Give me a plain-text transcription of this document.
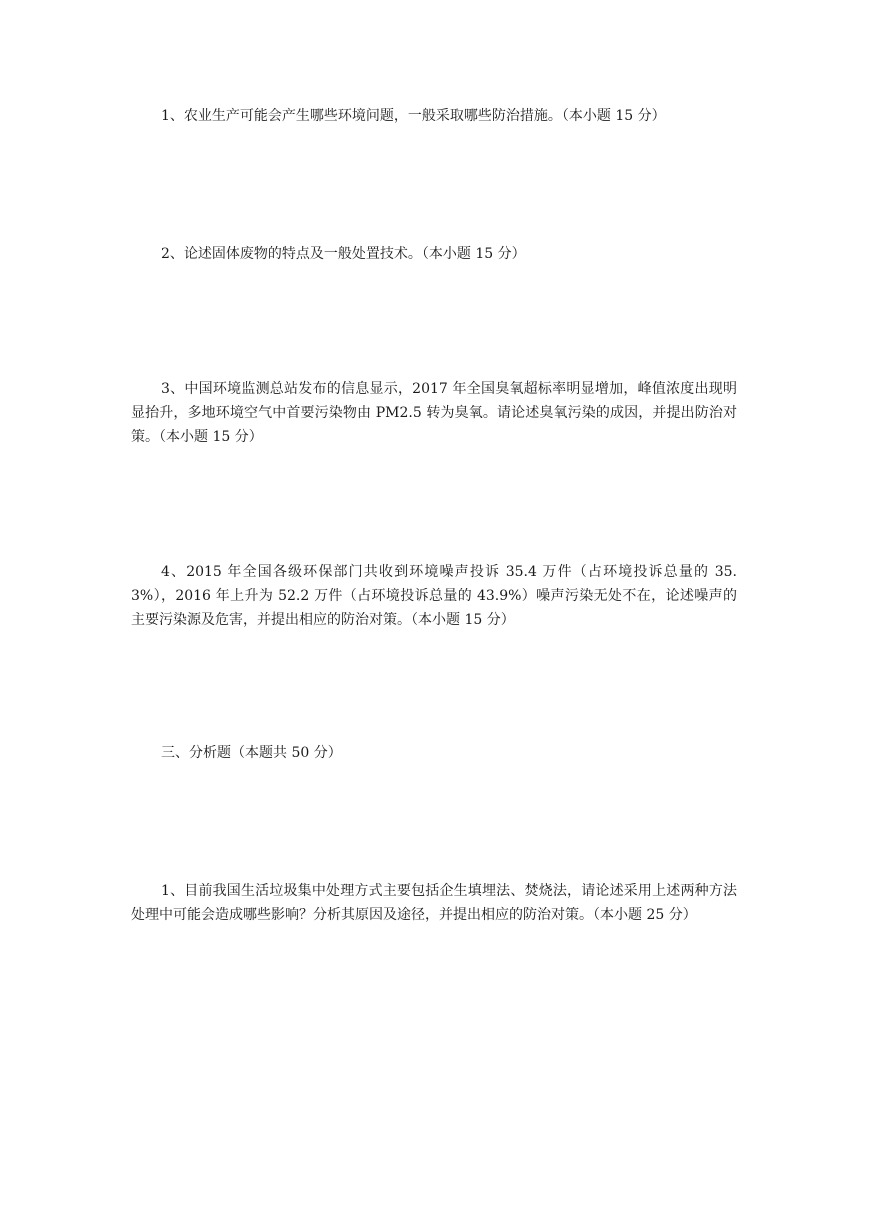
1、农业生产可能会产生哪些环境问题，一般采取哪些防治措施。（本小题 15 分）

2、论述固体废物的特点及一般处置技术。（本小题 15 分）

3、中国环境监测总站发布的信息显示，2017 年全国臭氧超标率明显增加，峰值浓度出现明显抬升，多地环境空气中首要污染物由 PM2.5 转为臭氧。请论述臭氧污染的成因，并提出防治对策。（本小题 15 分）

4、2015 年全国各级环保部门共收到环境噪声投诉 35.4 万件（占环境投诉总量的 35.3%），2016 年上升为 52.2 万件（占环境投诉总量的 43.9%）噪声污染无处不在，论述噪声的主要污染源及危害，并提出相应的防治对策。（本小题 15 分）

三、分析题（本题共 50 分）

1、目前我国生活垃圾集中处理方式主要包括企生填埋法、焚烧法，请论述采用上述两种方法处理中可能会造成哪些影响？分析其原因及途径，并提出相应的防治对策。（本小题 25 分）
